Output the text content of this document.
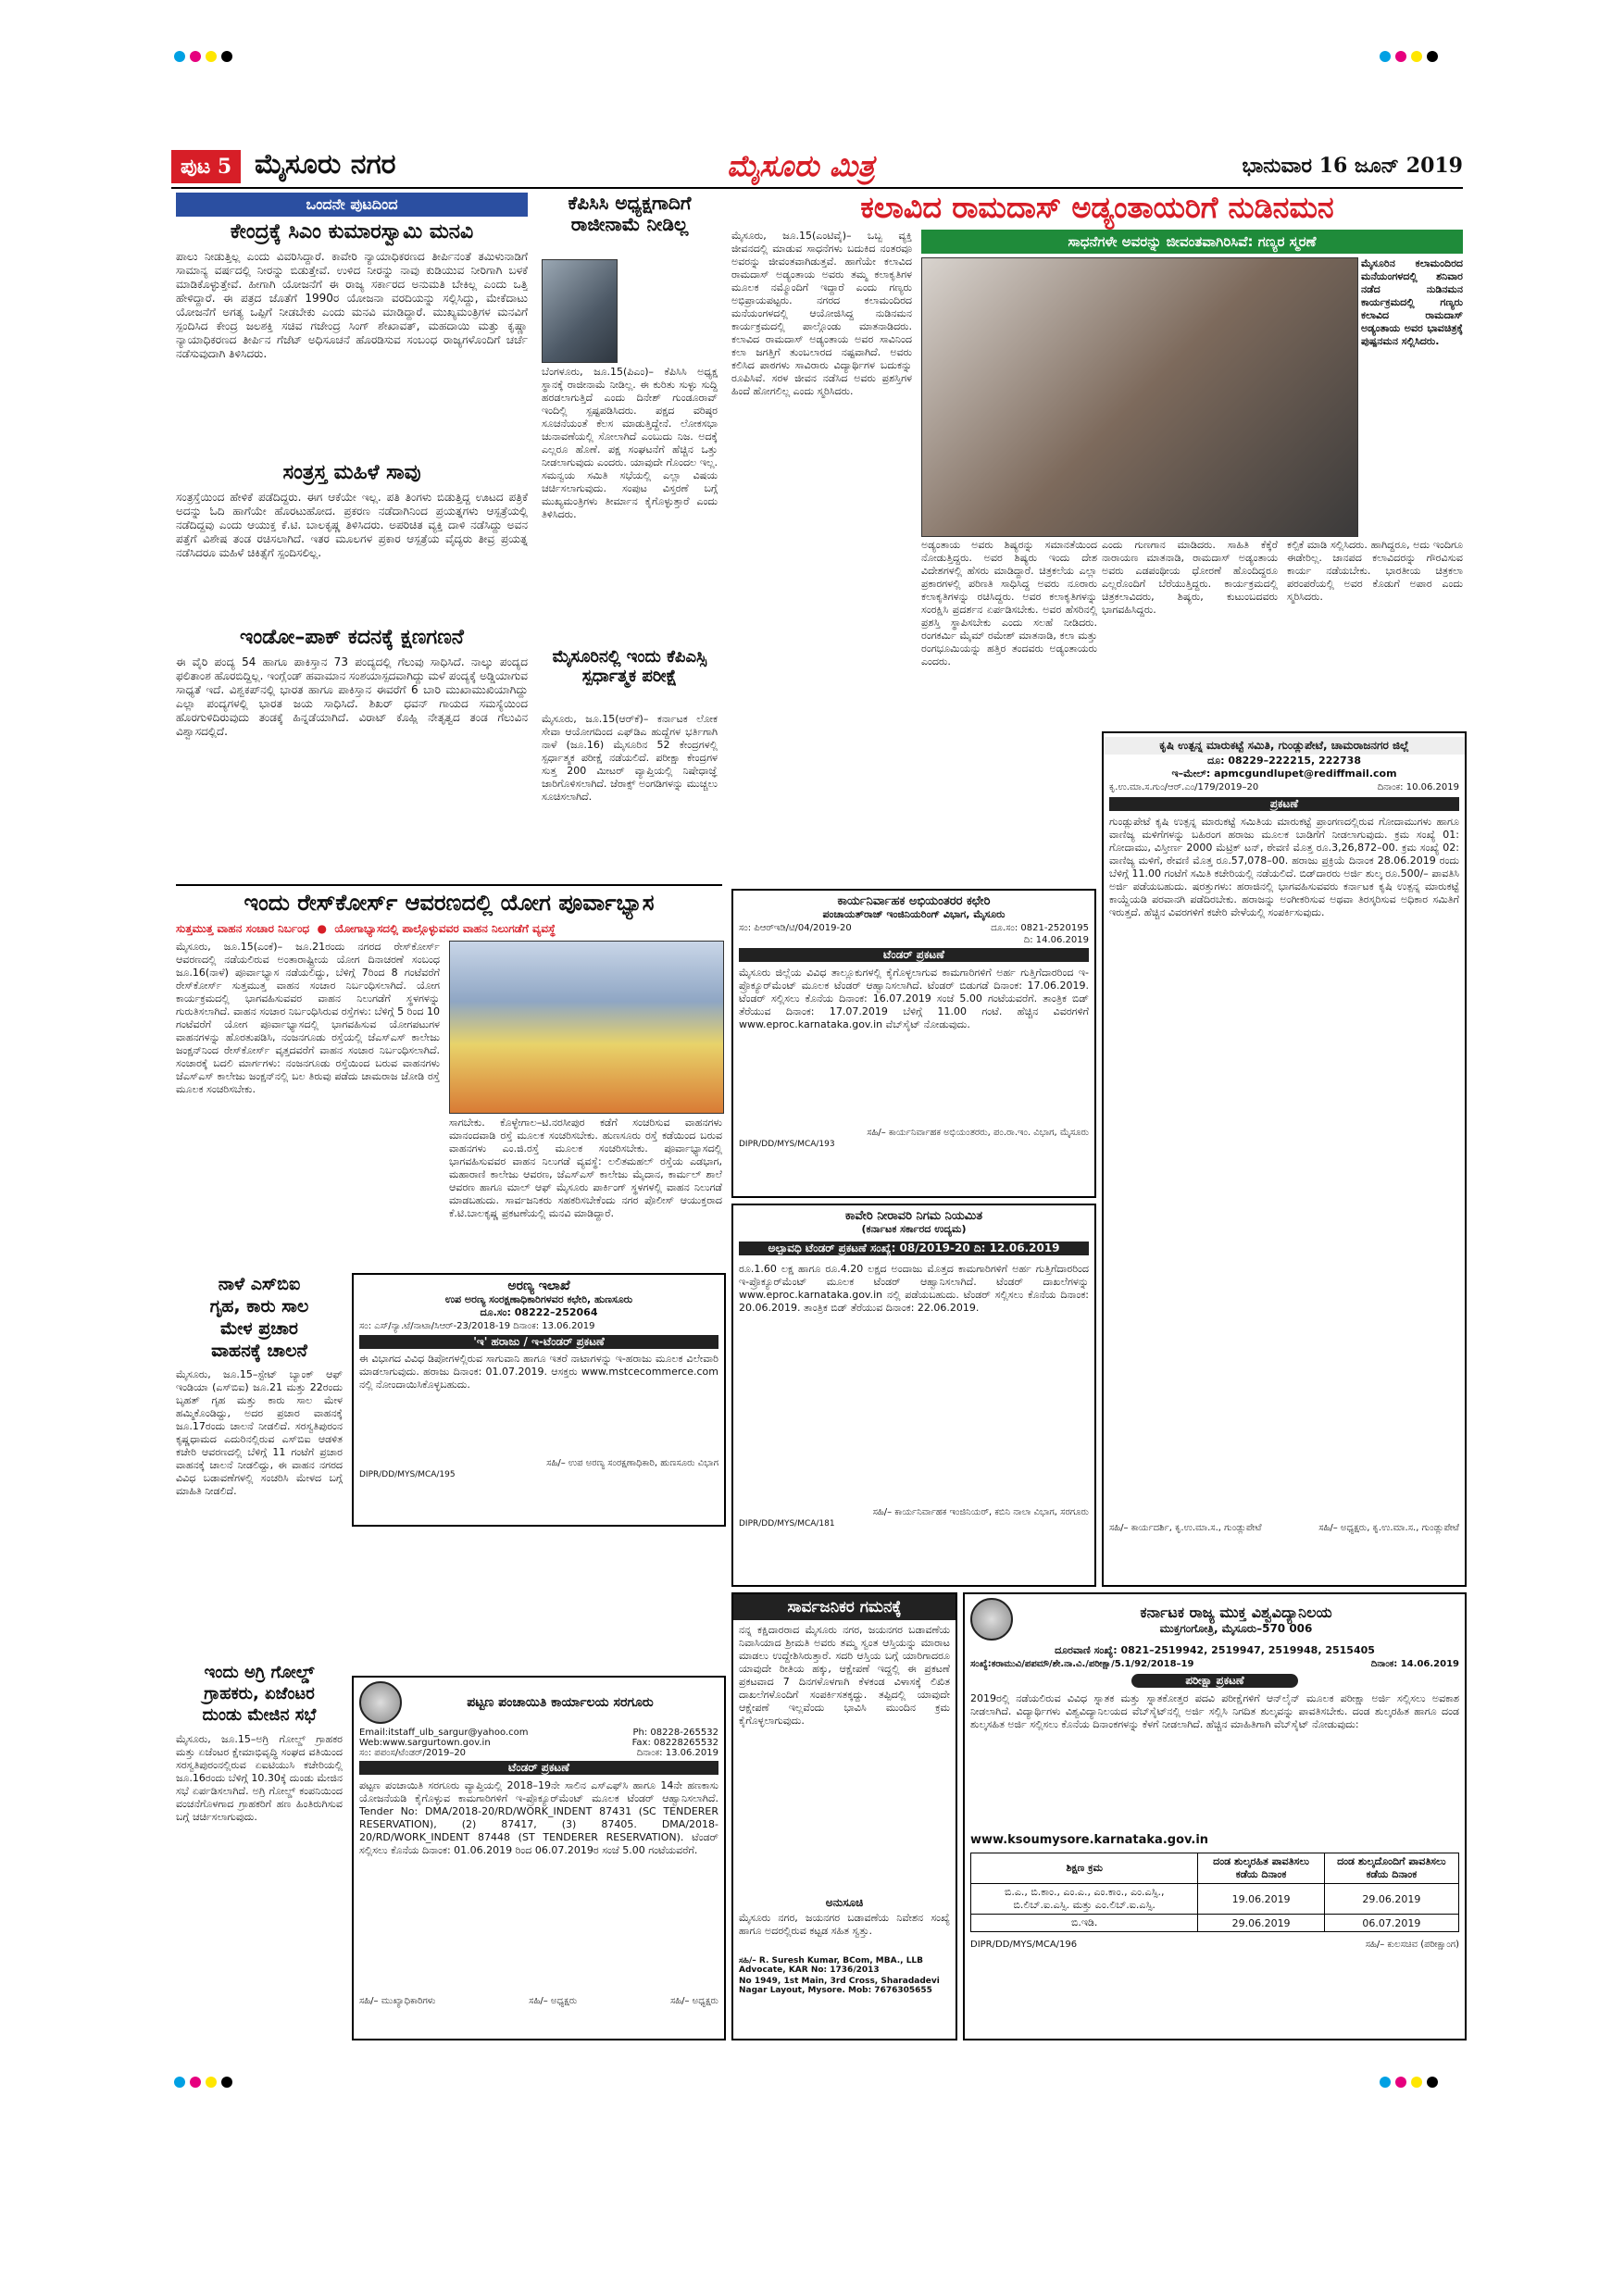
ಪುಟ 5 ಮೈಸೂರು ನಗರ	ಮೈಸೂರು ಮಿತ್ರ	ಭಾನುವಾರ 16 ಜೂನ್ 2019
ಒಂದನೇ ಪುಟದಿಂದ
ಕೇಂದ್ರಕ್ಕೆ ಸಿಎಂ ಕುಮಾರಸ್ವಾಮಿ ಮನವಿ
ಪಾಲು ನೀಡುತ್ತಿಲ್ಲ ಎಂದು ವಿವರಿಸಿದ್ದಾರೆ. ಕಾವೇರಿ ನ್ಯಾಯಾಧಿಕರಣದ ತೀರ್ಪಿನಂತೆ ತಮಿಳುನಾಡಿಗೆ ಸಾಮಾನ್ಯ ವರ್ಷದಲ್ಲಿ ನೀರನ್ನು ಬಿಡುತ್ತೇವೆ. ಉಳಿದ ನೀರನ್ನು ನಾವು ಕುಡಿಯುವ ನೀರಿಗಾಗಿ ಬಳಕೆ ಮಾಡಿಕೊಳ್ಳುತ್ತೇವೆ. ಹೀಗಾಗಿ ಯೋಜನೆಗೆ ಈ ರಾಜ್ಯ ಸರ್ಕಾರದ ಅನುಮತಿ ಬೇಕಿಲ್ಲ ಎಂದು ಒತ್ತಿ ಹೇಳಿದ್ದಾರೆ. ಈ ಪತ್ರದ ಜೊತೆಗೆ 1990ರ ಯೋಜನಾ ವರದಿಯನ್ನು ಸಲ್ಲಿಸಿದ್ದು, ಮೇಕೆದಾಟು ಯೋಜನೆಗೆ ಅಗತ್ಯ ಒಪ್ಪಿಗೆ ನೀಡಬೇಕು ಎಂದು ಮನವಿ ಮಾಡಿದ್ದಾರೆ. ಮುಖ್ಯಮಂತ್ರಿಗಳ ಮನವಿಗೆ ಸ್ಪಂದಿಸಿದ ಕೇಂದ್ರ ಜಲಶಕ್ತಿ ಸಚಿವ ಗಜೇಂದ್ರ ಸಿಂಗ್ ಶೇಖಾವತ್, ಮಹದಾಯಿ ಮತ್ತು ಕೃಷ್ಣಾ ನ್ಯಾಯಾಧಿಕರಣದ ತೀರ್ಪಿನ ಗೆಜೆಟ್ ಅಧಿಸೂಚನೆ ಹೊರಡಿಸುವ ಸಂಬಂಧ ರಾಜ್ಯಗಳೊಂದಿಗೆ ಚರ್ಚೆ ನಡೆಸುವುದಾಗಿ ತಿಳಿಸಿದರು.
ಸಂತ್ರಸ್ತ ಮಹಿಳೆ ಸಾವು
ಸಂತ್ರಸ್ತೆಯಿಂದ ಹೇಳಿಕೆ ಪಡೆದಿದ್ದರು. ಈಗ ಆಕೆಯೇ ಇಲ್ಲ. ಪತಿ ತಿಂಗಳು ಬಿಡುತ್ತಿದ್ದ ಊಟದ ಪತ್ರಿಕೆ ಅದನ್ನು ಓದಿ ಹಾಗೆಯೇ ಹೊರಟುಹೋದ. ಪ್ರಕರಣ ನಡೆದಾಗಿನಿಂದ ಪ್ರಯತ್ನಗಳು ಆಸ್ಪತ್ರೆಯಲ್ಲಿ ನಡೆದಿದ್ದವು ಎಂದು ಆಯುಕ್ತ ಕೆ.ಟಿ. ಬಾಲಕೃಷ್ಣ ತಿಳಿಸಿದರು. ಅಪರಿಚಿತ ವ್ಯಕ್ತಿ ದಾಳಿ ನಡೆಸಿದ್ದು ಅವನ ಪತ್ತೆಗೆ ವಿಶೇಷ ತಂಡ ರಚಿಸಲಾಗಿದೆ. ಇತರ ಮೂಲಗಳ ಪ್ರಕಾರ ಆಸ್ಪತ್ರೆಯ ವೈದ್ಯರು ತೀವ್ರ ಪ್ರಯತ್ನ ನಡೆಸಿದರೂ ಮಹಿಳೆ ಚಿಕಿತ್ಸೆಗೆ ಸ್ಪಂದಿಸಲಿಲ್ಲ.
ಇಂಡೋ–ಪಾಕ್ ಕದನಕ್ಕೆ ಕ್ಷಣಗಣನೆ
ಈ ವೈರಿ ಪಂದ್ಯ 54 ಹಾಗೂ ಪಾಕಿಸ್ತಾನ 73 ಪಂದ್ಯದಲ್ಲಿ ಗೆಲುವು ಸಾಧಿಸಿದೆ. ನಾಲ್ಕು ಪಂದ್ಯದ ಫಲಿತಾಂಶ ಹೊರಬಿದ್ದಿಲ್ಲ. ಇಂಗ್ಲೆಂಡ್ ಹವಾಮಾನ ಸಂಶಯಾಸ್ಪದವಾಗಿದ್ದು ಮಳೆ ಪಂದ್ಯಕ್ಕೆ ಅಡ್ಡಿಯಾಗುವ ಸಾಧ್ಯತೆ ಇದೆ. ವಿಶ್ವಕಪ್‌ನಲ್ಲಿ ಭಾರತ ಹಾಗೂ ಪಾಕಿಸ್ತಾನ ಈವರೆಗೆ 6 ಬಾರಿ ಮುಖಾಮುಖಿಯಾಗಿದ್ದು ಎಲ್ಲಾ ಪಂದ್ಯಗಳಲ್ಲಿ ಭಾರತ ಜಯ ಸಾಧಿಸಿದೆ. ಶಿಖರ್ ಧವನ್ ಗಾಯದ ಸಮಸ್ಯೆಯಿಂದ ಹೊರಗುಳಿದಿರುವುದು ತಂಡಕ್ಕೆ ಹಿನ್ನಡೆಯಾಗಿದೆ. ವಿರಾಟ್ ಕೊಹ್ಲಿ ನೇತೃತ್ವದ ತಂಡ ಗೆಲುವಿನ ವಿಶ್ವಾಸದಲ್ಲಿದೆ.
ಕೆಪಿಸಿಸಿ ಅಧ್ಯಕ್ಷಗಾದಿಗೆ ರಾಜೀನಾಮೆ ನೀಡಿಲ್ಲ
ಬೆಂಗಳೂರು, ಜೂ.15(ಪಿಎಂ)– ಕೆಪಿಸಿಸಿ ಅಧ್ಯಕ್ಷ ಸ್ಥಾನಕ್ಕೆ ರಾಜೀನಾಮೆ ನೀಡಿಲ್ಲ. ಈ ಕುರಿತು ಸುಳ್ಳು ಸುದ್ದಿ ಹರಡಲಾಗುತ್ತಿದೆ ಎಂದು ದಿನೇಶ್ ಗುಂಡೂರಾವ್ ಇಂದಿಲ್ಲಿ ಸ್ಪಷ್ಟಪಡಿಸಿದರು. ಪಕ್ಷದ ವರಿಷ್ಠರ ಸೂಚನೆಯಂತೆ ಕೆಲಸ ಮಾಡುತ್ತಿದ್ದೇನೆ. ಲೋಕಸಭಾ ಚುನಾವಣೆಯಲ್ಲಿ ಸೋಲಾಗಿದೆ ಎಂಬುದು ನಿಜ. ಅದಕ್ಕೆ ಎಲ್ಲರೂ ಹೊಣೆ. ಪಕ್ಷ ಸಂಘಟನೆಗೆ ಹೆಚ್ಚಿನ ಒತ್ತು ನೀಡಲಾಗುವುದು ಎಂದರು. ಯಾವುದೇ ಗೊಂದಲ ಇಲ್ಲ. ಸಮನ್ವಯ ಸಮಿತಿ ಸಭೆಯಲ್ಲಿ ಎಲ್ಲಾ ವಿಷಯ ಚರ್ಚಿಸಲಾಗುವುದು. ಸಂಪುಟ ವಿಸ್ತರಣೆ ಬಗ್ಗೆ ಮುಖ್ಯಮಂತ್ರಿಗಳು ತೀರ್ಮಾನ ಕೈಗೊಳ್ಳುತ್ತಾರೆ ಎಂದು ತಿಳಿಸಿದರು.
ಮೈಸೂರಿನಲ್ಲಿ ಇಂದು ಕೆಪಿಎಸ್ಸಿ ಸ್ಪರ್ಧಾತ್ಮಕ ಪರೀಕ್ಷೆ
ಮೈಸೂರು, ಜೂ.15(ಆರ್‌ಕೆ)– ಕರ್ನಾಟಕ ಲೋಕ ಸೇವಾ ಆಯೋಗದಿಂದ ಎಫ್‌ಡಿಎ ಹುದ್ದೆಗಳ ಭರ್ತಿಗಾಗಿ ನಾಳೆ (ಜೂ.16) ಮೈಸೂರಿನ 52 ಕೇಂದ್ರಗಳಲ್ಲಿ ಸ್ಪರ್ಧಾತ್ಮಕ ಪರೀಕ್ಷೆ ನಡೆಯಲಿದೆ. ಪರೀಕ್ಷಾ ಕೇಂದ್ರಗಳ ಸುತ್ತ 200 ಮೀಟರ್ ವ್ಯಾಪ್ತಿಯಲ್ಲಿ ನಿಷೇಧಾಜ್ಞೆ ಜಾರಿಗೊಳಿಸಲಾಗಿದೆ. ಜೆರಾಕ್ಸ್ ಅಂಗಡಿಗಳನ್ನು ಮುಚ್ಚಲು ಸೂಚಿಸಲಾಗಿದೆ.
ಕಲಾವಿದ ರಾಮದಾಸ್ ಅಡ್ಯಂತಾಯರಿಗೆ ನುಡಿನಮನ
ಮೈಸೂರು, ಜೂ.15(ಎಂಟಿವೈ)– ಒಬ್ಬ ವ್ಯಕ್ತಿ ಜೀವನದಲ್ಲಿ ಮಾಡುವ ಸಾಧನೆಗಳು ಬದುಕಿದ ನಂತರವೂ ಅವರನ್ನು ಜೀವಂತವಾಗಿಡುತ್ತವೆ. ಹಾಗೆಯೇ ಕಲಾವಿದ ರಾಮದಾಸ್ ಅಡ್ಯಂತಾಯ ಅವರು ತಮ್ಮ ಕಲಾಕೃತಿಗಳ ಮೂಲಕ ನಮ್ಮೊಂದಿಗೆ ಇದ್ದಾರೆ ಎಂದು ಗಣ್ಯರು ಅಭಿಪ್ರಾಯಪಟ್ಟರು. ನಗರದ ಕಲಾಮಂದಿರದ ಮನೆಯಂಗಳದಲ್ಲಿ ಆಯೋಜಿಸಿದ್ದ ನುಡಿನಮನ ಕಾರ್ಯಕ್ರಮದಲ್ಲಿ ಪಾಲ್ಗೊಂಡು ಮಾತನಾಡಿದರು. ಕಲಾವಿದ ರಾಮದಾಸ್ ಅಡ್ಯಂತಾಯ ಅವರ ಸಾವಿನಿಂದ ಕಲಾ ಜಗತ್ತಿಗೆ ತುಂಬಲಾರದ ನಷ್ಟವಾಗಿದೆ. ಅವರು ಕಲಿಸಿದ ಪಾಠಗಳು ಸಾವಿರಾರು ವಿದ್ಯಾರ್ಥಿಗಳ ಬದುಕನ್ನು ರೂಪಿಸಿವೆ. ಸರಳ ಜೀವನ ನಡೆಸಿದ ಅವರು ಪ್ರಶಸ್ತಿಗಳ ಹಿಂದೆ ಹೋಗಲಿಲ್ಲ ಎಂದು ಸ್ಮರಿಸಿದರು.
ಸಾಧನೆಗಳೇ ಅವರನ್ನು ಜೀವಂತವಾಗಿರಿಸಿವೆ: ಗಣ್ಯರ ಸ್ಮರಣೆ
ಮೈಸೂರಿನ ಕಲಾಮಂದಿರದ ಮನೆಯಂಗಳದಲ್ಲಿ ಶನಿವಾರ ನಡೆದ ನುಡಿನಮನ ಕಾರ್ಯಕ್ರಮದಲ್ಲಿ ಗಣ್ಯರು ಕಲಾವಿದ ರಾಮದಾಸ್ ಅಡ್ಯಂತಾಯ ಅವರ ಭಾವಚಿತ್ರಕ್ಕೆ ಪುಷ್ಪನಮನ ಸಲ್ಲಿಸಿದರು.
ಅಡ್ಯಂತಾಯ ಅವರು ಶಿಷ್ಯರನ್ನು ಸಮಾನತೆಯಿಂದ ನೋಡುತ್ತಿದ್ದರು. ಅವರ ಶಿಷ್ಯರು ಇಂದು ದೇಶ ವಿದೇಶಗಳಲ್ಲಿ ಹೆಸರು ಮಾಡಿದ್ದಾರೆ. ಚಿತ್ರಕಲೆಯ ಎಲ್ಲಾ ಪ್ರಕಾರಗಳಲ್ಲಿ ಪರಿಣತಿ ಸಾಧಿಸಿದ್ದ ಅವರು ನೂರಾರು ಕಲಾಕೃತಿಗಳನ್ನು ರಚಿಸಿದ್ದರು. ಅವರ ಕಲಾಕೃತಿಗಳನ್ನು ಸಂರಕ್ಷಿಸಿ ಪ್ರದರ್ಶನ ಏರ್ಪಡಿಸಬೇಕು. ಅವರ ಹೆಸರಿನಲ್ಲಿ ಪ್ರಶಸ್ತಿ ಸ್ಥಾಪಿಸಬೇಕು ಎಂದು ಸಲಹೆ ನೀಡಿದರು. ರಂಗಕರ್ಮಿ ಮೈಮ್ ರಮೇಶ್ ಮಾತನಾಡಿ, ಕಲಾ ಮತ್ತು ರಂಗಭೂಮಿಯನ್ನು ಹತ್ತಿರ ತಂದವರು ಅಡ್ಯಂತಾಯರು ಎಂದರು.
ಎಂದು ಗುಣಗಾನ ಮಾಡಿದರು. ಸಾಹಿತಿ ಕೆಕ್ಕೆರೆ ನಾರಾಯಣ ಮಾತನಾಡಿ, ರಾಮದಾಸ್ ಅಡ್ಯಂತಾಯ ಅವರು ಎಡಪಂಥೀಯ ಧೋರಣೆ ಹೊಂದಿದ್ದರೂ ಎಲ್ಲರೊಂದಿಗೆ ಬೆರೆಯುತ್ತಿದ್ದರು. ಕಾರ್ಯಕ್ರಮದಲ್ಲಿ ಚಿತ್ರಕಲಾವಿದರು, ಶಿಷ್ಯರು, ಕುಟುಂಬದವರು ಭಾಗವಹಿಸಿದ್ದರು.
ಕಲ್ಪಿಕೆ ಮಾಡಿ ಸಲ್ಲಿಸಿದರು. ಹಾಗಿದ್ದರೂ, ಅದು ಇಂದಿಗೂ ಈಡೇರಿಲ್ಲ. ಜಾನಪದ ಕಲಾವಿದರನ್ನು ಗೌರವಿಸುವ ಕಾರ್ಯ ನಡೆಯಬೇಕು. ಭಾರತೀಯ ಚಿತ್ರಕಲಾ ಪರಂಪರೆಯಲ್ಲಿ ಅವರ ಕೊಡುಗೆ ಅಪಾರ ಎಂದು ಸ್ಮರಿಸಿದರು.
ಇಂದು ರೇಸ್‌ಕೋರ್ಸ್ ಆವರಣದಲ್ಲಿ ಯೋಗ ಪೂರ್ವಾಭ್ಯಾಸ
ಸುತ್ತಮುತ್ತ ವಾಹನ ಸಂಚಾರ ನಿರ್ಬಂಧ  ●  ಯೋಗಾಭ್ಯಾಸದಲ್ಲಿ ಪಾಲ್ಗೊಳ್ಳುವವರ ವಾಹನ ನಿಲುಗಡೆಗೆ ವ್ಯವಸ್ಥೆ
ಮೈಸೂರು, ಜೂ.15(ಎಂಕೆ)– ಜೂ.21ರಂದು ನಗರದ ರೇಸ್‌ಕೋರ್ಸ್ ಆವರಣದಲ್ಲಿ ನಡೆಯಲಿರುವ ಅಂತಾರಾಷ್ಟ್ರೀಯ ಯೋಗ ದಿನಾಚರಣೆ ಸಂಬಂಧ ಜೂ.16(ನಾಳೆ) ಪೂರ್ವಾಭ್ಯಾಸ ನಡೆಯಲಿದ್ದು, ಬೆಳಿಗ್ಗೆ 7ರಿಂದ 8 ಗಂಟೆವರೆಗೆ ರೇಸ್‌ಕೋರ್ಸ್ ಸುತ್ತಮುತ್ತ ವಾಹನ ಸಂಚಾರ ನಿರ್ಬಂಧಿಸಲಾಗಿದೆ. ಯೋಗ ಕಾರ್ಯಕ್ರಮದಲ್ಲಿ ಭಾಗವಹಿಸುವವರ ವಾಹನ ನಿಲುಗಡೆಗೆ ಸ್ಥಳಗಳನ್ನು ಗುರುತಿಸಲಾಗಿದೆ. ವಾಹನ ಸಂಚಾರ ನಿರ್ಬಂಧಿಸಿರುವ ರಸ್ತೆಗಳು: ಬೆಳಿಗ್ಗೆ 5 ರಿಂದ 10 ಗಂಟೆವರೆಗೆ ಯೋಗ ಪೂರ್ವಾಭ್ಯಾಸದಲ್ಲಿ ಭಾಗವಹಿಸುವ ಯೋಗಪಟುಗಳ ವಾಹನಗಳನ್ನು ಹೊರತುಪಡಿಸಿ, ನಂಜನಗೂಡು ರಸ್ತೆಯಲ್ಲಿ ಜೆಎಸ್ಎಸ್ ಕಾಲೇಜು ಜಂಕ್ಷನ್‌ನಿಂದ ರೇಸ್‌ಕೋರ್ಸ್ ವೃತ್ತದವರೆಗೆ ವಾಹನ ಸಂಚಾರ ನಿರ್ಬಂಧಿಸಲಾಗಿದೆ. ಸಂಚಾರಕ್ಕೆ ಬದಲಿ ಮಾರ್ಗಗಳು: ನಂಜನಗೂಡು ರಸ್ತೆಯಿಂದ ಬರುವ ವಾಹನಗಳು ಜೆಎಸ್ಎಸ್ ಕಾಲೇಜು ಜಂಕ್ಷನ್‌ನಲ್ಲಿ ಬಲ ತಿರುವು ಪಡೆದು ಚಾಮರಾಜ ಜೋಡಿ ರಸ್ತೆ ಮೂಲಕ ಸಂಚರಿಸಬೇಕು.
ಸಾಗಬೇಕು. ಕೊಳ್ಳೇಗಾಲ–ಟಿ.ನರಸೀಪುರ ಕಡೆಗೆ ಸಂಚರಿಸುವ ವಾಹನಗಳು ಮಾನಂದವಾಡಿ ರಸ್ತೆ ಮೂಲಕ ಸಂಚರಿಸಬೇಕು. ಹುಣಸೂರು ರಸ್ತೆ ಕಡೆಯಿಂದ ಬರುವ ವಾಹನಗಳು ಎಂ.ಜಿ.ರಸ್ತೆ ಮೂಲಕ ಸಂಚರಿಸಬೇಕು. ಪೂರ್ವಾಭ್ಯಾಸದಲ್ಲಿ ಭಾಗವಹಿಸುವವರ ವಾಹನ ನಿಲುಗಡೆ ವ್ಯವಸ್ಥೆ: ಲಲಿತಮಹಲ್ ರಸ್ತೆಯ ಎಡಭಾಗ, ಮಹಾರಾಣಿ ಕಾಲೇಜು ಆವರಣ, ಜೆಎಸ್ಎಸ್ ಕಾಲೇಜು ಮೈದಾನ, ಕಾರ್ಮಲ್ ಶಾಲೆ ಆವರಣ ಹಾಗೂ ಮಾಲ್ ಆಫ್ ಮೈಸೂರು ಪಾರ್ಕಿಂಗ್ ಸ್ಥಳಗಳಲ್ಲಿ ವಾಹನ ನಿಲುಗಡೆ ಮಾಡಬಹುದು. ಸಾರ್ವಜನಿಕರು ಸಹಕರಿಸಬೇಕೆಂದು ನಗರ ಪೊಲೀಸ್ ಆಯುಕ್ತರಾದ ಕೆ.ಟಿ.ಬಾಲಕೃಷ್ಣ ಪ್ರಕಟಣೆಯಲ್ಲಿ ಮನವಿ ಮಾಡಿದ್ದಾರೆ.
ನಾಳೆ ಎಸ್‌ಬಿಐ
ಗೃಹ, ಕಾರು ಸಾಲ
ಮೇಳ ಪ್ರಚಾರ
ವಾಹನಕ್ಕೆ ಚಾಲನೆ
ಮೈಸೂರು, ಜೂ.15–ಸ್ಟೇಟ್ ಬ್ಯಾಂಕ್ ಆಫ್ ಇಂಡಿಯಾ (ಎಸ್‌ಬಿಐ) ಜೂ.21 ಮತ್ತು 22ರಂದು ಬೃಹತ್ ಗೃಹ ಮತ್ತು ಕಾರು ಸಾಲ ಮೇಳ ಹಮ್ಮಿಕೊಂಡಿದ್ದು, ಅದರ ಪ್ರಚಾರ ವಾಹನಕ್ಕೆ ಜೂ.17ರಂದು ಚಾಲನೆ ನೀಡಲಿದೆ. ಸರಸ್ವತಿಪುರಂನ ಕೃಷ್ಣಧಾಮದ ಎದುರಿನಲ್ಲಿರುವ ಎಸ್‌ಬಿಐ ಆಡಳಿತ ಕಚೇರಿ ಆವರಣದಲ್ಲಿ ಬೆಳಿಗ್ಗೆ 11 ಗಂಟೆಗೆ ಪ್ರಚಾರ ವಾಹನಕ್ಕೆ ಚಾಲನೆ ನೀಡಲಿದ್ದು, ಈ ವಾಹನ ನಗರದ ವಿವಿಧ ಬಡಾವಣೆಗಳಲ್ಲಿ ಸಂಚರಿಸಿ ಮೇಳದ ಬಗ್ಗೆ ಮಾಹಿತಿ ನೀಡಲಿದೆ.
ಇಂದು ಅಗ್ರಿ ಗೋಲ್ಡ್
ಗ್ರಾಹಕರು, ಏಜೆಂಟರ
ದುಂಡು ಮೇಜಿನ ಸಭೆ
ಮೈಸೂರು, ಜೂ.15–ಅಗ್ರಿ ಗೋಲ್ಡ್ ಗ್ರಾಹಕರ ಮತ್ತು ಏಜೆಂಟರ ಕ್ಷೇಮಾಭಿವೃದ್ಧಿ ಸಂಘದ ವತಿಯಿಂದ ಸರಸ್ವತಿಪುರಂನಲ್ಲಿರುವ ಏಐಟಿಯುಸಿ ಕಚೇರಿಯಲ್ಲಿ ಜೂ.16ರಂದು ಬೆಳಿಗ್ಗೆ 10.30ಕ್ಕೆ ದುಂಡು ಮೇಜಿನ ಸಭೆ ಏರ್ಪಡಿಸಲಾಗಿದೆ. ಅಗ್ರಿ ಗೋಲ್ಡ್ ಕಂಪನಿಯಿಂದ ವಂಚನೆಗೊಳಗಾದ ಗ್ರಾಹಕರಿಗೆ ಹಣ ಹಿಂತಿರುಗಿಸುವ ಬಗ್ಗೆ ಚರ್ಚಿಸಲಾಗುವುದು.
ಅರಣ್ಯ ಇಲಾಖೆ
ಉಪ ಅರಣ್ಯ ಸಂರಕ್ಷಣಾಧಿಕಾರಿಗಳವರ ಕಛೇರಿ, ಹುಣಸೂರು
ದೂ.ಸಂ: 08222–252064
ಸಂ: ಎಸ್/ನ್ಯಾ.ಟೆ/ನಾಟಾ/ಸಿಆರ್-23/2018-19 ದಿನಾಂಕ: 13.06.2019
'ಇ' ಹರಾಜು / ಇ-ಟೆಂಡರ್ ಪ್ರಕಟಣೆ
ಈ ವಿಭಾಗದ ವಿವಿಧ ಡಿಪೋಗಳಲ್ಲಿರುವ ಸಾಗುವಾನಿ ಹಾಗೂ ಇತರೆ ನಾಟಾಗಳನ್ನು ಇ-ಹರಾಜು ಮೂಲಕ ವಿಲೇವಾರಿ ಮಾಡಲಾಗುವುದು. ಹರಾಜು ದಿನಾಂಕ: 01.07.2019. ಆಸಕ್ತರು www.mstcecommerce.com ನಲ್ಲಿ ನೋಂದಾಯಿಸಿಕೊಳ್ಳಬಹುದು.
ಸಹಿ/– ಉಪ ಅರಣ್ಯ ಸಂರಕ್ಷಣಾಧಿಕಾರಿ, ಹುಣಸೂರು ವಿಭಾಗ
DIPR/DD/MYS/MCA/195
ಪಟ್ಟಣ ಪಂಚಾಯಿತಿ ಕಾರ್ಯಾಲಯ ಸರಗೂರು
Email:itstaff_ulb_sargur@yahoo.com	Ph: 08228-265532
Web:www.sargurtown.gov.in	Fax: 08228265532
ಸಂ: ಪಪಂಸ/ಟೆಂಡರ್/2019–20	ದಿನಾಂಕ: 13.06.2019
ಟೆಂಡರ್ ಪ್ರಕಟಣೆ
ಪಟ್ಟಣ ಪಂಚಾಯಿತಿ ಸರಗೂರು ವ್ಯಾಪ್ತಿಯಲ್ಲಿ 2018–19ನೇ ಸಾಲಿನ ಎಸ್‌ಎಫ್‌ಸಿ ಹಾಗೂ 14ನೇ ಹಣಕಾಸು ಯೋಜನೆಯಡಿ ಕೈಗೊಳ್ಳುವ ಕಾಮಗಾರಿಗಳಿಗೆ ಇ-ಪ್ರೊಕ್ಯೂರ್‌ಮೆಂಟ್ ಮೂಲಕ ಟೆಂಡರ್ ಆಹ್ವಾನಿಸಲಾಗಿದೆ. Tender No: DMA/2018-20/RD/WORK_INDENT 87431 (SC TENDERER RESERVATION), (2) 87417, (3) 87405. DMA/2018-20/RD/WORK_INDENT 87448 (ST TENDERER RESERVATION). ಟೆಂಡರ್ ಸಲ್ಲಿಸಲು ಕೊನೆಯ ದಿನಾಂಕ: 01.06.2019 ರಿಂದ 06.07.2019ರ ಸಂಜೆ 5.00 ಗಂಟೆಯವರೆಗೆ.
ಸಹಿ/– ಮುಖ್ಯಾಧಿಕಾರಿಗಳು	ಸಹಿ/– ಅಧ್ಯಕ್ಷರು	ಸಹಿ/– ಅಧ್ಯಕ್ಷರು
ಕಾರ್ಯನಿರ್ವಾಹಕ ಅಭಿಯಂತರರ ಕಛೇರಿ
ಪಂಚಾಯತ್‌ರಾಜ್ ಇಂಜಿನಿಯರಿಂಗ್ ವಿಭಾಗ, ಮೈಸೂರು
ಸಂ: ಪಿಆರ್‌ಇಡಿ/ಟಿ/04/2019-20	ದೂ.ಸಂ: 0821-2520195
ದಿ: 14.06.2019
ಟೆಂಡರ್ ಪ್ರಕಟಣೆ
ಮೈಸೂರು ಜಿಲ್ಲೆಯ ವಿವಿಧ ತಾಲ್ಲೂಕುಗಳಲ್ಲಿ ಕೈಗೊಳ್ಳಲಾಗುವ ಕಾಮಗಾರಿಗಳಿಗೆ ಅರ್ಹ ಗುತ್ತಿಗೆದಾರರಿಂದ ಇ-ಪ್ರೊಕ್ಯೂರ್‌ಮೆಂಟ್ ಮೂಲಕ ಟೆಂಡರ್ ಆಹ್ವಾನಿಸಲಾಗಿದೆ. ಟೆಂಡರ್ ಬಿಡುಗಡೆ ದಿನಾಂಕ: 17.06.2019. ಟೆಂಡರ್ ಸಲ್ಲಿಸಲು ಕೊನೆಯ ದಿನಾಂಕ: 16.07.2019 ಸಂಜೆ 5.00 ಗಂಟೆಯವರೆಗೆ. ತಾಂತ್ರಿಕ ಬಿಡ್ ತೆರೆಯುವ ದಿನಾಂಕ: 17.07.2019 ಬೆಳಿಗ್ಗೆ 11.00 ಗಂಟೆ. ಹೆಚ್ಚಿನ ವಿವರಗಳಿಗೆ www.eproc.karnataka.gov.in ವೆಬ್‌ಸೈಟ್ ನೋಡುವುದು.
ಸಹಿ/– ಕಾರ್ಯನಿರ್ವಾಹಕ ಅಭಿಯಂತರರು, ಪಂ.ರಾ.ಇಂ. ವಿಭಾಗ, ಮೈಸೂರು
DIPR/DD/MYS/MCA/193
ಕಾವೇರಿ ನೀರಾವರಿ ನಿಗಮ ನಿಯಮಿತ
(ಕರ್ನಾಟಕ ಸರ್ಕಾರದ ಉದ್ಯಮ)
ಅಲ್ಪಾವಧಿ ಟೆಂಡರ್ ಪ್ರಕಟಣೆ ಸಂಖ್ಯೆ: 08/2019-20 ದಿ: 12.06.2019
ರೂ.1.60 ಲಕ್ಷ ಹಾಗೂ ರೂ.4.20 ಲಕ್ಷದ ಅಂದಾಜು ಮೊತ್ತದ ಕಾಮಗಾರಿಗಳಿಗೆ ಅರ್ಹ ಗುತ್ತಿಗೆದಾರರಿಂದ ಇ-ಪ್ರೊಕ್ಯೂರ್‌ಮೆಂಟ್ ಮೂಲಕ ಟೆಂಡರ್ ಆಹ್ವಾನಿಸಲಾಗಿದೆ. ಟೆಂಡರ್ ದಾಖಲೆಗಳನ್ನು www.eproc.karnataka.gov.in ನಲ್ಲಿ ಪಡೆಯಬಹುದು. ಟೆಂಡರ್ ಸಲ್ಲಿಸಲು ಕೊನೆಯ ದಿನಾಂಕ: 20.06.2019. ತಾಂತ್ರಿಕ ಬಿಡ್ ತೆರೆಯುವ ದಿನಾಂಕ: 22.06.2019.
ಸಹಿ/– ಕಾರ್ಯನಿರ್ವಾಹಕ ಇಂಜಿನಿಯರ್, ಕಬಿನಿ ನಾಲಾ ವಿಭಾಗ, ಸರಗೂರು
DIPR/DD/MYS/MCA/181
ಕೃಷಿ ಉತ್ಪನ್ನ ಮಾರುಕಟ್ಟೆ ಸಮಿತಿ, ಗುಂಡ್ಲುಪೇಟೆ, ಚಾಮರಾಜನಗರ ಜಿಲ್ಲೆ
ದೂ: 08229–222215, 222738
ಇ–ಮೇಲ್: apmcgundlupet@rediffmail.com
ಕೃ.ಉ.ಮಾ.ಸ.ಗುಂ/ಆರ್.ಎಂ/179/2019–20	ದಿನಾಂಕ: 10.06.2019
ಪ್ರಕಟಣೆ
ಗುಂಡ್ಲುಪೇಟೆ ಕೃಷಿ ಉತ್ಪನ್ನ ಮಾರುಕಟ್ಟೆ ಸಮಿತಿಯ ಮಾರುಕಟ್ಟೆ ಪ್ರಾಂಗಣದಲ್ಲಿರುವ ಗೋದಾಮುಗಳು ಹಾಗೂ ವಾಣಿಜ್ಯ ಮಳಿಗೆಗಳನ್ನು ಬಹಿರಂಗ ಹರಾಜು ಮೂಲಕ ಬಾಡಿಗೆಗೆ ನೀಡಲಾಗುವುದು. ಕ್ರಮ ಸಂಖ್ಯೆ 01: ಗೋದಾಮು, ವಿಸ್ತೀರ್ಣ 2000 ಮೆಟ್ರಿಕ್ ಟನ್, ಠೇವಣಿ ಮೊತ್ತ ರೂ.3,26,872–00. ಕ್ರಮ ಸಂಖ್ಯೆ 02: ವಾಣಿಜ್ಯ ಮಳಿಗೆ, ಠೇವಣಿ ಮೊತ್ತ ರೂ.57,078–00. ಹರಾಜು ಪ್ರಕ್ರಿಯೆ ದಿನಾಂಕ 28.06.2019 ರಂದು ಬೆಳಿಗ್ಗೆ 11.00 ಗಂಟೆಗೆ ಸಮಿತಿ ಕಚೇರಿಯಲ್ಲಿ ನಡೆಯಲಿದೆ. ಬಿಡ್‌ದಾರರು ಅರ್ಜಿ ಶುಲ್ಕ ರೂ.500/– ಪಾವತಿಸಿ ಅರ್ಜಿ ಪಡೆಯಬಹುದು. ಷರತ್ತುಗಳು: ಹರಾಜಿನಲ್ಲಿ ಭಾಗವಹಿಸುವವರು ಕರ್ನಾಟಕ ಕೃಷಿ ಉತ್ಪನ್ನ ಮಾರುಕಟ್ಟೆ ಕಾಯ್ದೆಯಡಿ ಪರವಾನಗಿ ಪಡೆದಿರಬೇಕು. ಹರಾಜನ್ನು ಅಂಗೀಕರಿಸುವ ಅಥವಾ ತಿರಸ್ಕರಿಸುವ ಅಧಿಕಾರ ಸಮಿತಿಗೆ ಇರುತ್ತದೆ. ಹೆಚ್ಚಿನ ವಿವರಗಳಿಗೆ ಕಚೇರಿ ವೇಳೆಯಲ್ಲಿ ಸಂಪರ್ಕಿಸುವುದು.
ಸಹಿ/– ಕಾರ್ಯದರ್ಶಿ, ಕೃ.ಉ.ಮಾ.ಸ., ಗುಂಡ್ಲುಪೇಟೆ	ಸಹಿ/– ಅಧ್ಯಕ್ಷರು, ಕೃ.ಉ.ಮಾ.ಸ., ಗುಂಡ್ಲುಪೇಟೆ
ಸಾರ್ವಜನಿಕರ ಗಮನಕ್ಕೆ
ನನ್ನ ಕಕ್ಷಿದಾರರಾದ ಮೈಸೂರು ನಗರ, ಜಯನಗರ ಬಡಾವಣೆಯ ನಿವಾಸಿಯಾದ ಶ್ರೀಮತಿ ಅವರು ತಮ್ಮ ಸ್ವಂತ ಆಸ್ತಿಯನ್ನು ಮಾರಾಟ ಮಾಡಲು ಉದ್ದೇಶಿಸಿರುತ್ತಾರೆ. ಸದರಿ ಆಸ್ತಿಯ ಬಗ್ಗೆ ಯಾರಿಗಾದರೂ ಯಾವುದೇ ರೀತಿಯ ಹಕ್ಕು, ಆಕ್ಷೇಪಣೆ ಇದ್ದಲ್ಲಿ ಈ ಪ್ರಕಟಣೆ ಪ್ರಕಟವಾದ 7 ದಿನಗಳೊಳಗಾಗಿ ಕೆಳಕಂಡ ವಿಳಾಸಕ್ಕೆ ಲಿಖಿತ ದಾಖಲೆಗಳೊಂದಿಗೆ ಸಂಪರ್ಕಿಸತಕ್ಕದ್ದು. ತಪ್ಪಿದಲ್ಲಿ ಯಾವುದೇ ಆಕ್ಷೇಪಣೆ ಇಲ್ಲವೆಂದು ಭಾವಿಸಿ ಮುಂದಿನ ಕ್ರಮ ಕೈಗೊಳ್ಳಲಾಗುವುದು.
ಅನುಸೂಚಿ
ಮೈಸೂರು ನಗರ, ಜಯನಗರ ಬಡಾವಣೆಯ ನಿವೇಶನ ಸಂಖ್ಯೆ ಹಾಗೂ ಅದರಲ್ಲಿರುವ ಕಟ್ಟಡ ಸಹಿತ ಸ್ವತ್ತು.
ಸಹಿ/– R. Suresh Kumar, BCom, MBA., LLB Advocate, KAR No: 1736/2013
No 1949, 1st Main, 3rd Cross, Sharadadevi Nagar Layout, Mysore. Mob: 7676305655
ಕರ್ನಾಟಕ ರಾಜ್ಯ ಮುಕ್ತ ವಿಶ್ವವಿದ್ಯಾನಿಲಯ
ಮುಕ್ತಗಂಗೋತ್ರಿ, ಮೈಸೂರು–570 006
ದೂರವಾಣಿ ಸಂಖ್ಯೆ: 0821–2519942, 2519947, 2519948, 2515405
ಸಂಖ್ಯೆ:ಕರಾಮುವಿ/ಪಪಮೌ/ಶೇ.ನಾ.ವಿ./ಪರೀಕ್ಷಾ/5.1/92/2018–19	ದಿನಾಂಕ: 14.06.2019
ಪರೀಕ್ಷಾ ಪ್ರಕಟಣೆ
2019ರಲ್ಲಿ ನಡೆಯಲಿರುವ ವಿವಿಧ ಸ್ನಾತಕ ಮತ್ತು ಸ್ನಾತಕೋತ್ತರ ಪದವಿ ಪರೀಕ್ಷೆಗಳಿಗೆ ಆನ್‌ಲೈನ್ ಮೂಲಕ ಪರೀಕ್ಷಾ ಅರ್ಜಿ ಸಲ್ಲಿಸಲು ಅವಕಾಶ ನೀಡಲಾಗಿದೆ. ವಿದ್ಯಾರ್ಥಿಗಳು ವಿಶ್ವವಿದ್ಯಾನಿಲಯದ ವೆಬ್‌ಸೈಟ್‌ನಲ್ಲಿ ಅರ್ಜಿ ಸಲ್ಲಿಸಿ ನಿಗದಿತ ಶುಲ್ಕವನ್ನು ಪಾವತಿಸಬೇಕು. ದಂಡ ಶುಲ್ಕರಹಿತ ಹಾಗೂ ದಂಡ ಶುಲ್ಕಸಹಿತ ಅರ್ಜಿ ಸಲ್ಲಿಸಲು ಕೊನೆಯ ದಿನಾಂಕಗಳನ್ನು ಕೆಳಗೆ ನೀಡಲಾಗಿದೆ. ಹೆಚ್ಚಿನ ಮಾಹಿತಿಗಾಗಿ ವೆಬ್‌ಸೈಟ್ ನೋಡುವುದು:
www.ksoumysore.karnataka.gov.in
ಶಿಕ್ಷಣ ಕ್ರಮ	ದಂಡ ಶುಲ್ಕರಹಿತ ಪಾವತಿಸಲು ಕಡೆಯ ದಿನಾಂಕ	ದಂಡ ಶುಲ್ಕದೊಂದಿಗೆ ಪಾವತಿಸಲು ಕಡೆಯ ದಿನಾಂಕ
ಬಿ.ಎ., ಬಿ.ಕಾಂ., ಎಂ.ಎ., ಎಂ.ಕಾಂ., ಎಂ.ಎಸ್ಸಿ., ಬಿ.ಲಿಬ್.ಐ.ಎಸ್ಸಿ. ಮತ್ತು ಎಂ.ಲಿಬ್.ಐ.ಎಸ್ಸಿ.	19.06.2019	29.06.2019
ಬಿ.ಇಡಿ.	29.06.2019	06.07.2019
DIPR/DD/MYS/MCA/196	ಸಹಿ/– ಕುಲಸಚಿವ (ಪರೀಕ್ಷಾಂಗ)
